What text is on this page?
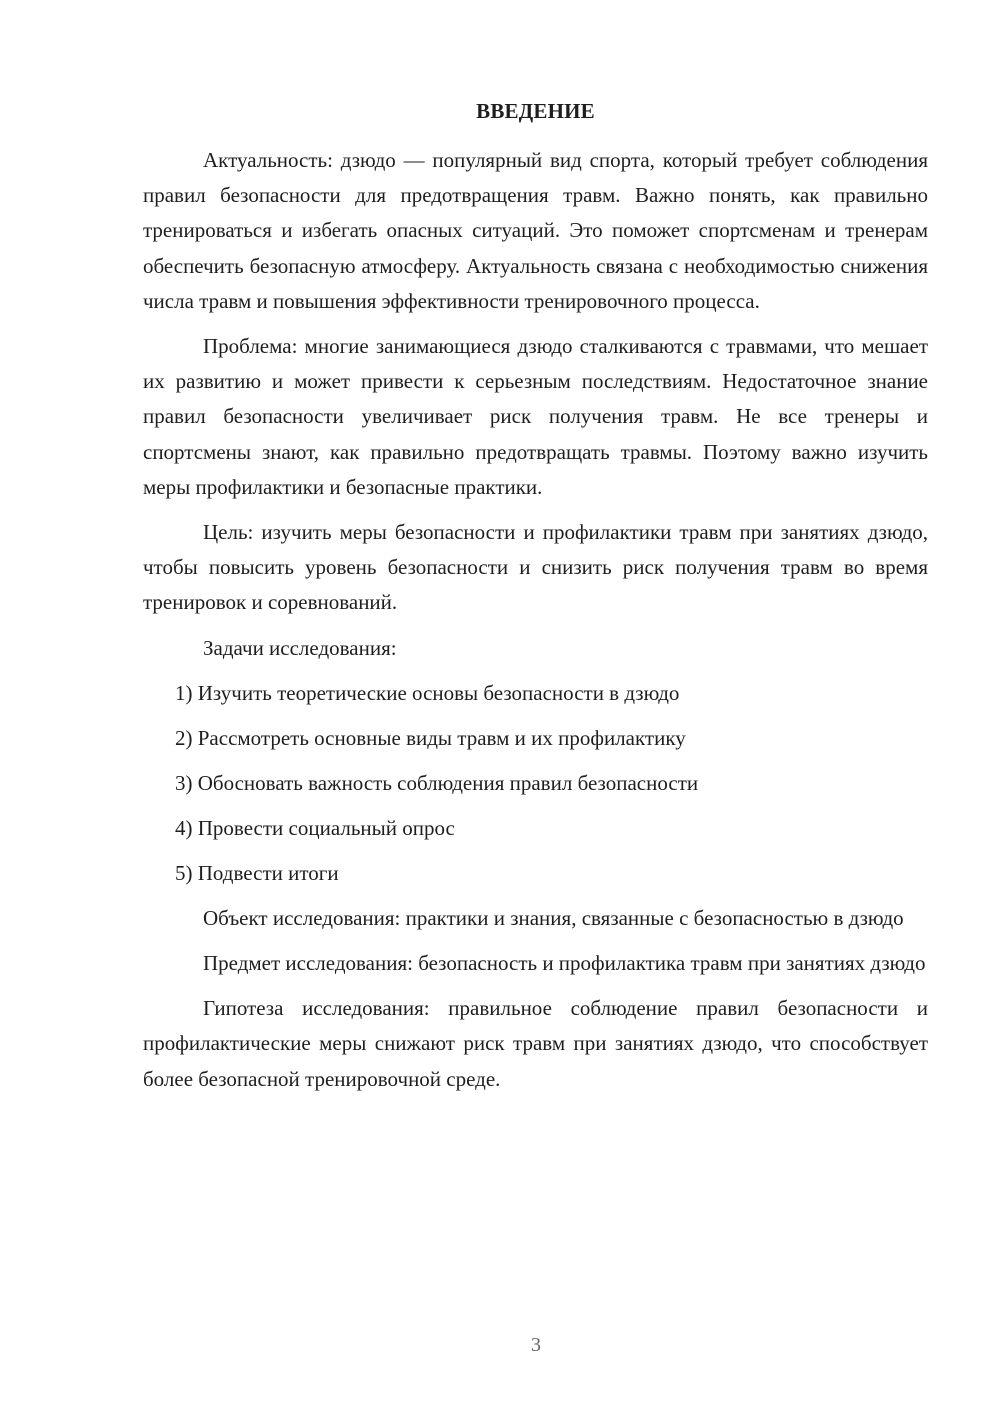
ВВЕДЕНИЕ

Актуальность: дзюдо — популярный вид спорта, который требует соблюдения правил безопасности для предотвращения травм. Важно понять, как правильно тренироваться и избегать опасных ситуаций. Это поможет спортсменам и тренерам обеспечить безопасную атмосферу. Актуальность связана с необходимостью снижения числа травм и повышения эффективности тренировочного процесса.

Проблема: многие занимающиеся дзюдо сталкиваются с травмами, что мешает их развитию и может привести к серьезным последствиям. Недостаточное знание правил безопасности увеличивает риск получения травм. Не все тренеры и спортсмены знают, как правильно предотвращать травмы. Поэтому важно изучить меры профилактики и безопасные практики.

Цель: изучить меры безопасности и профилактики травм при занятиях дзюдо, чтобы повысить уровень безопасности и снизить риск получения травм во время тренировок и соревнований.

Задачи исследования:

1) Изучить теоретические основы безопасности в дзюдо
2) Рассмотреть основные виды травм и их профилактику
3) Обосновать важность соблюдения правил безопасности
4) Провести социальный опрос
5) Подвести итоги

Объект исследования: практики и знания, связанные с безопасностью в дзюдо

Предмет исследования: безопасность и профилактика травм при занятиях дзюдо

Гипотеза исследования: правильное соблюдение правил безопасности и профилактические меры снижают риск травм при занятиях дзюдо, что способствует более безопасной тренировочной среде.

3
